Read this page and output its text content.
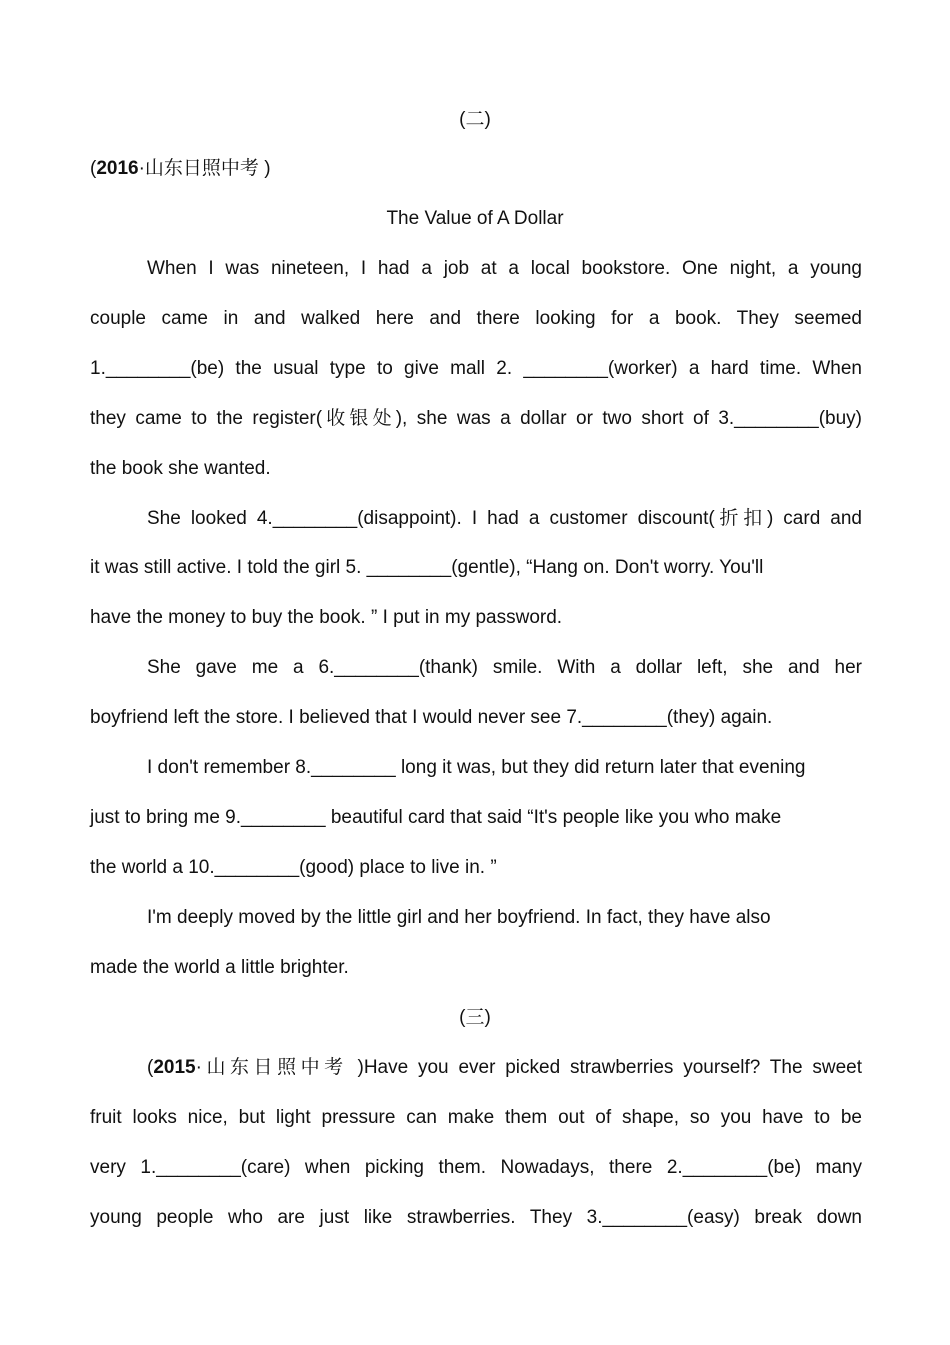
(二)
(2016·山东日照中考 )
The Value of A Dollar
When I was nineteen, I had a job at a local bookstore. One night, a young
couple came in and walked here and there looking for a book. They seemed
1.________(be) the usual type to give mall 2. ________(worker) a hard time. When
they came to the register(收银处), she was a dollar or two short of 3.________(buy)
the book she wanted.
She looked 4.________(disappoint). I had a customer discount(折扣) card and
it was still active. I told the girl 5. ________(gentle), “Hang on. Don't worry. You'll
have the money to buy the book. ” I put in my password.
She gave me a 6.________(thank) smile. With a dollar left, she and her
boyfriend left the store. I believed that I would never see 7.________(they) again.
I don't remember 8.________ long it was, but they did return later that evening
just to bring me 9.________ beautiful card that said “It's people like you who make
the world a 10.________(good) place to live in. ”
I'm deeply moved by the little girl and her boyfriend. In fact, they have also
made the world a little brighter.
(三)
(2015·山东日照中考 )Have you ever picked strawberries yourself? The sweet
fruit looks nice, but light pressure can make them out of shape, so you have to be
very 1.________(care) when picking them. Nowadays, there 2.________(be) many
young people who are just like strawberries. They 3.________(easy) break down
